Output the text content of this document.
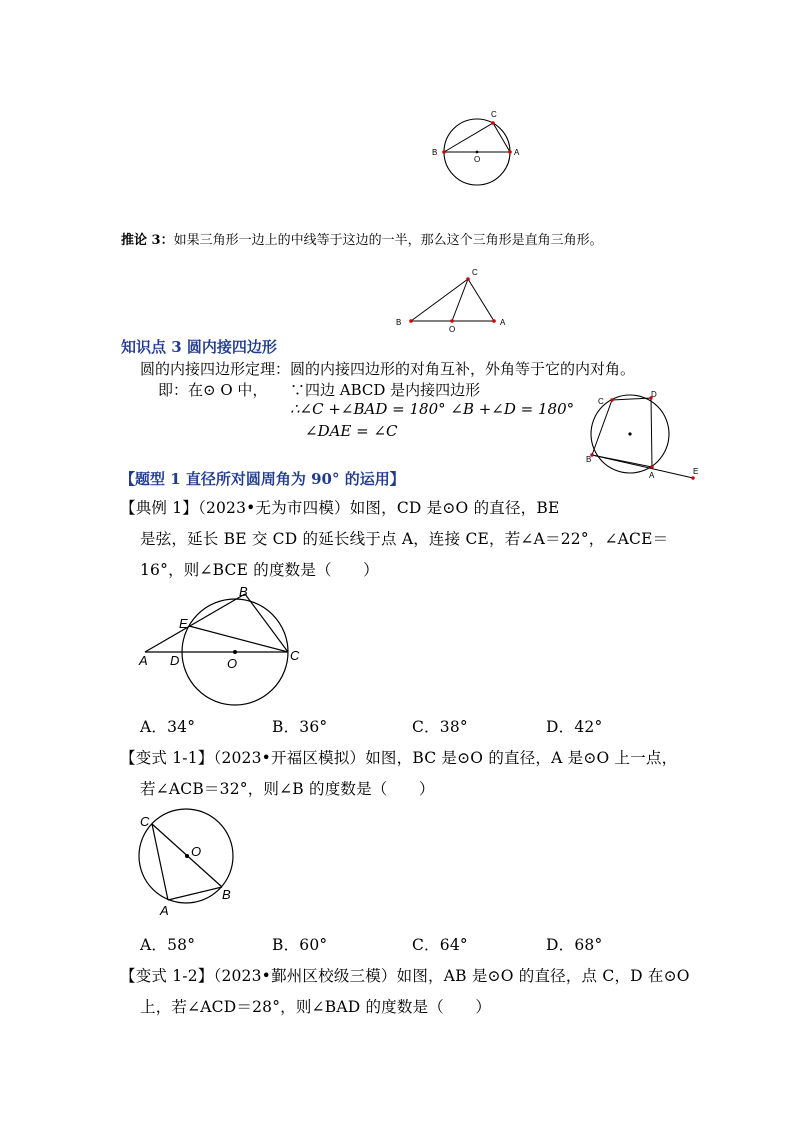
C
B
O
A
推论 3：如果三角形一边上的中线等于这边的一半，那么这个三角形是直角三角形。
C
B
O
A
知识点 3 圆内接四边形
圆的内接四边形定理：圆的内接四边形的对角互补，外角等于它的内对角。
即：在⊙ O 中， ∵四边 ABCD 是内接四边形
∴∠C +∠BAD = 180° ∠B +∠D = 180°
∠DAE = ∠C
C
D
B
A	E
【题型 1 直径所对圆周角为 90° 的运用】
【典例 1】（2023•无为市四模）如图，CD 是⊙O 的直径，BE
是弦，延长 BE 交 CD 的延长线于点 A，连接 CE，若∠A＝22°，∠ACE＝
16°，则∠BCE 的度数是（　　）
B
E
A D	O
C
A．34°	B．36°	C．38°	D．42°
【变式 1-1】（2023•开福区模拟）如图，BC 是⊙O 的直径，A 是⊙O 上一点，
若∠ACB＝32°，则∠B 的度数是（　　）
C
O
B
A
A．58°	B．60°	C．64°	D．68°
【变式 1-2】（2023•鄞州区校级三模）如图，AB 是⊙O 的直径，点 C，D 在⊙O
上，若∠ACD＝28°，则∠BAD 的度数是（　　）
